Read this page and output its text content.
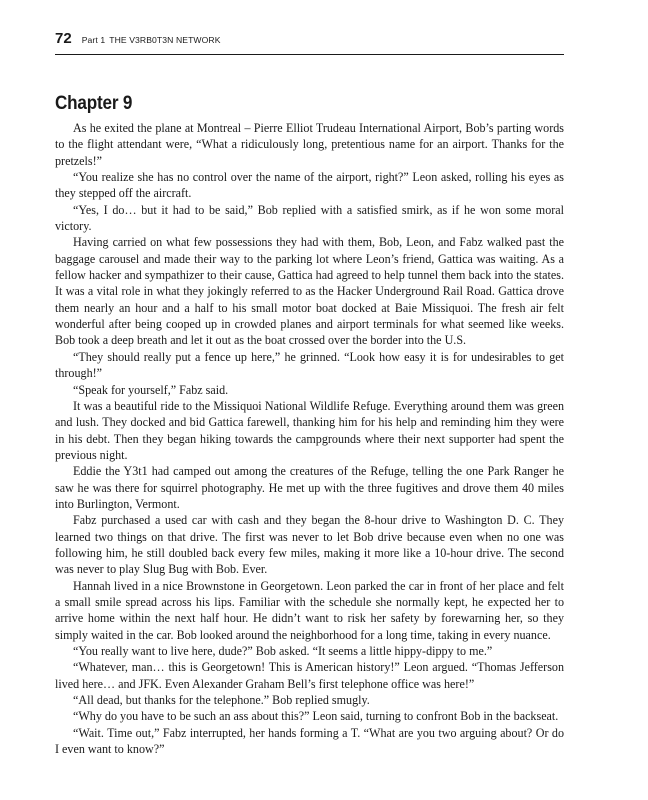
72 Part 1 THE V3RB0T3N NETWORK
Chapter 9

As he exited the plane at Montreal – Pierre Elliot Trudeau International Airport, Bob’s parting words to the flight attendant were, “What a ridiculously long, pretentious name for an airport. Thanks for the pretzels!”

“You realize she has no control over the name of the airport, right?” Leon asked, rolling his eyes as they stepped off the aircraft.

“Yes, I do… but it had to be said,” Bob replied with a satisfied smirk, as if he won some moral victory.

Having carried on what few possessions they had with them, Bob, Leon, and Fabz walked past the baggage carousel and made their way to the parking lot where Leon’s friend, Gattica was waiting. As a fellow hacker and sympathizer to their cause, Gattica had agreed to help tunnel them back into the states. It was a vital role in what they jokingly referred to as the Hacker Underground Rail Road. Gattica drove them nearly an hour and a half to his small motor boat docked at Baie Missiquoi. The fresh air felt wonderful after being cooped up in crowded planes and airport terminals for what seemed like weeks. Bob took a deep breath and let it out as the boat crossed over the border into the U.S.

“They should really put a fence up here,” he grinned. “Look how easy it is for undesirables to get through!”

“Speak for yourself,” Fabz said.

It was a beautiful ride to the Missiquoi National Wildlife Refuge. Everything around them was green and lush. They docked and bid Gattica farewell, thanking him for his help and reminding him they were in his debt. Then they began hiking towards the campgrounds where their next supporter had spent the previous night.

Eddie the Y3t1 had camped out among the creatures of the Refuge, telling the one Park Ranger he saw he was there for squirrel photography. He met up with the three fugitives and drove them 40 miles into Burlington, Vermont.

Fabz purchased a used car with cash and they began the 8-hour drive to Washington D. C. They learned two things on that drive. The first was never to let Bob drive because even when no one was following him, he still doubled back every few miles, making it more like a 10-hour drive. The second was never to play Slug Bug with Bob. Ever.

Hannah lived in a nice Brownstone in Georgetown. Leon parked the car in front of her place and felt a small smile spread across his lips. Familiar with the schedule she normally kept, he expected her to arrive home within the next half hour. He didn’t want to risk her safety by forewarning her, so they simply waited in the car. Bob looked around the neighborhood for a long time, taking in every nuance.

“You really want to live here, dude?” Bob asked. “It seems a little hippy-dippy to me.”

“Whatever, man… this is Georgetown! This is American history!” Leon argued. “Thomas Jefferson lived here… and JFK. Even Alexander Graham Bell’s first telephone office was here!”

“All dead, but thanks for the telephone.” Bob replied smugly.

“Why do you have to be such an ass about this?” Leon said, turning to confront Bob in the backseat.

“Wait. Time out,” Fabz interrupted, her hands forming a T. “What are you two arguing about? Or do I even want to know?”
